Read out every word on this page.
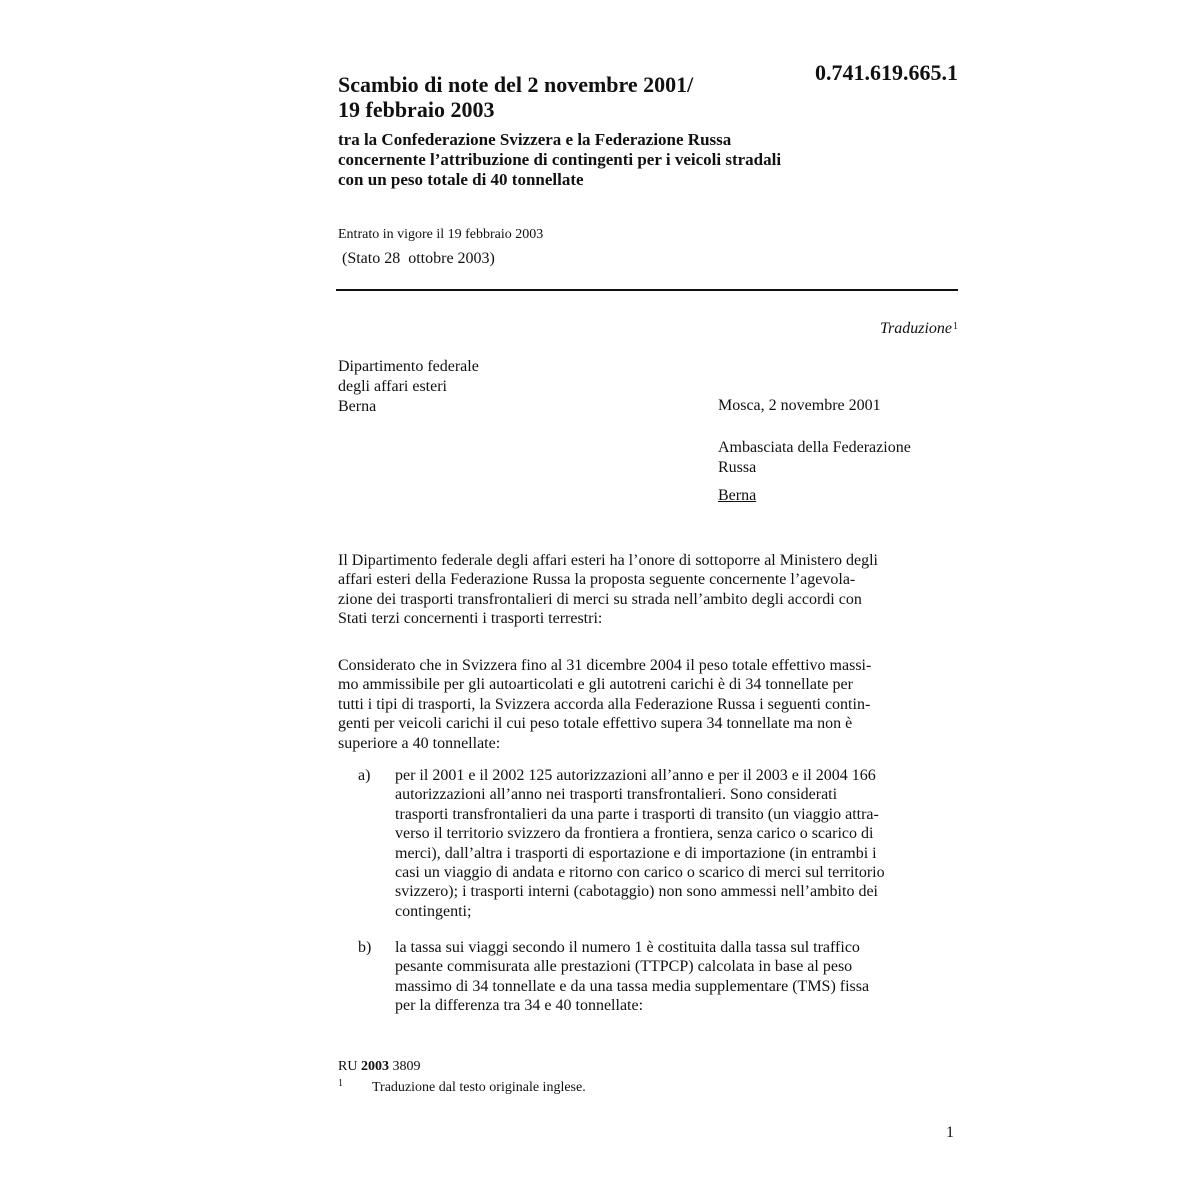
0.741.619.665.1
Scambio di note del 2 novembre 2001/
19 febbraio 2003
tra la Confederazione Svizzera e la Federazione Russa
concernente l’attribuzione di contingenti per i veicoli stradali
con un peso totale di 40 tonnellate
Entrato in vigore il 19 febbraio 2003
(Stato 28  ottobre 2003)
Traduzione$^1$
Dipartimento federale
degli affari esteri
Berna	Mosca, 2 novembre 2001
Ambasciata della Federazione
Russa
Berna
Il Dipartimento federale degli affari esteri ha l’onore di sottoporre al Ministero degli
affari esteri della Federazione Russa la proposta seguente concernente l’agevola-
zione dei trasporti transfrontalieri di merci su strada nell’ambito degli accordi con
Stati terzi concernenti i trasporti terrestri:
Considerato che in Svizzera fino al 31 dicembre 2004 il peso totale effettivo massi-
mo ammissibile per gli autoarticolati e gli autotreni carichi è di 34 tonnellate per
tutti i tipi di trasporti, la Svizzera accorda alla Federazione Russa i seguenti contin-
genti per veicoli carichi il cui peso totale effettivo supera 34 tonnellate ma non è
superiore a 40 tonnellate:
a) per il 2001 e il 2002 125 autorizzazioni all’anno e per il 2003 e il 2004 166
autorizzazioni all’anno nei trasporti transfrontalieri. Sono considerati
trasporti transfrontalieri da una parte i trasporti di transito (un viaggio attra-
verso il territorio svizzero da frontiera a frontiera, senza carico o scarico di
merci), dall’altra i trasporti di esportazione e di importazione (in entrambi i
casi un viaggio di andata e ritorno con carico o scarico di merci sul territorio
svizzero); i trasporti interni (cabotaggio) non sono ammessi nell’ambito dei
contingenti;
b) la tassa sui viaggi secondo il numero 1 è costituita dalla tassa sul traffico
pesante commisurata alle prestazioni (TTPCP) calcolata in base al peso
massimo di 34 tonnellate e da una tassa media supplementare (TMS) fissa
per la differenza tra 34 e 40 tonnellate:
RU 2003 3809
1 Traduzione dal testo originale inglese.
1
